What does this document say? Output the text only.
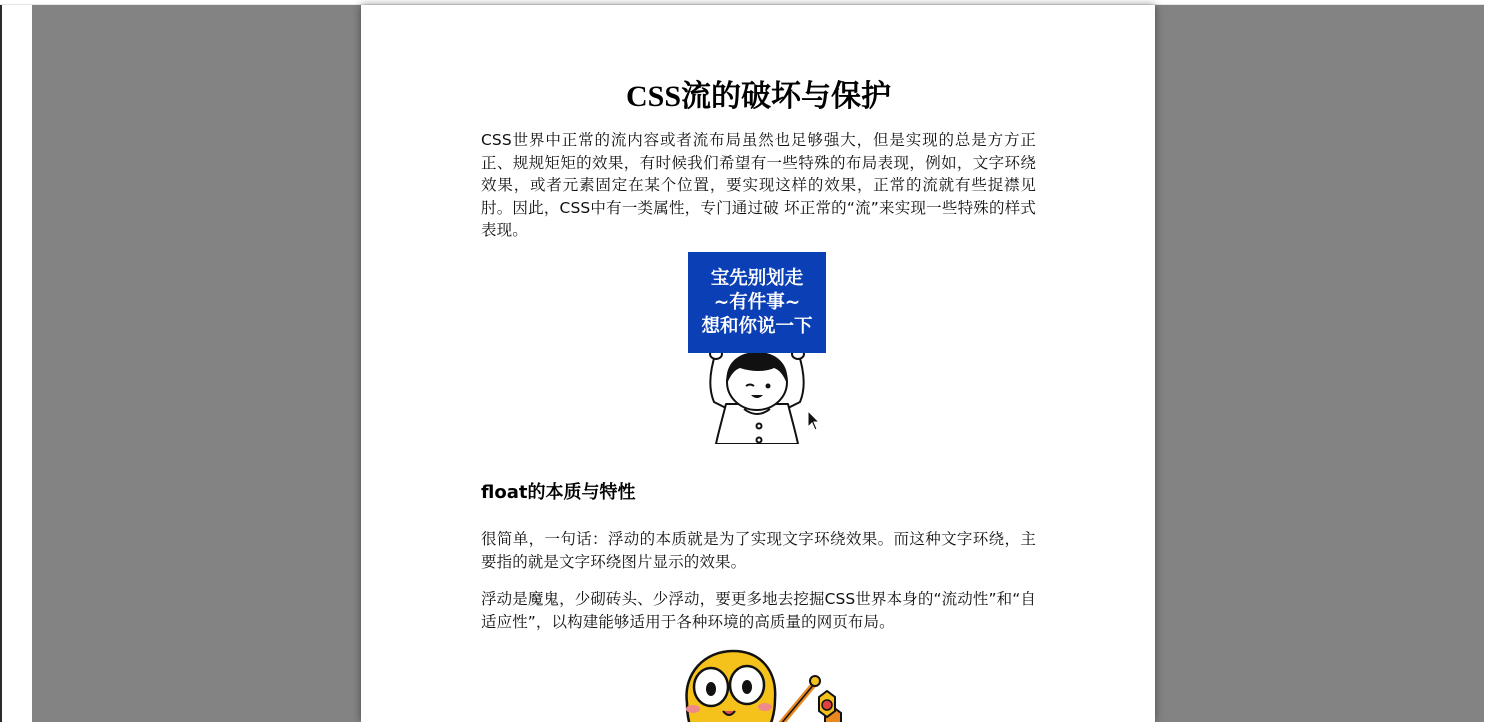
CSS流的破坏与保护

CSS世界中正常的流内容或者流布局虽然也足够强大，但是实现的总是方方正正、规规矩矩的效果，有时候我们希望有一些特殊的布局表现，例如，文字环绕效果，或者元素固定在某个位置，要实现这样的效果，正常的流就有些捉襟见肘。因此，CSS中有一类属性，专门通过破 坏正常的“流”来实现一些特殊的样式表现。

宝先别划走
~有件事~
想和你说一下
float的本质与特性

很简单，一句话：浮动的本质就是为了实现文字环绕效果。而这种文字环绕，主要指的就是文字环绕图片显示的效果。

浮动是魔鬼，少砌砖头、少浮动，要更多地去挖掘CSS世界本身的“流动性”和“自适应性”，以构建能够适用于各种环境的高质量的网页布局。
